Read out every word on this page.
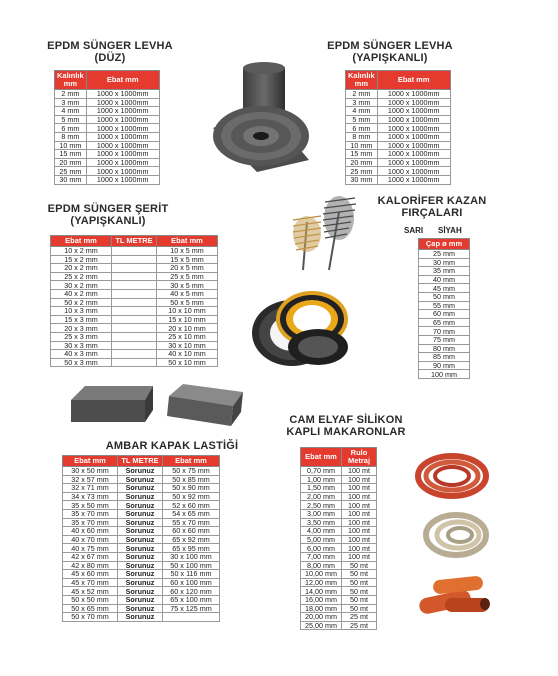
EPDM SÜNGER LEVHA
(DÜZ)
Kalınlık mm	Ebat mm
2 mm	1000 x 1000mm
3 mm	1000 x 1000mm
4 mm	1000 x 1000mm
5 mm	1000 x 1000mm
6 mm	1000 x 1000mm
8 mm	1000 x 1000mm
10 mm	1000 x 1000mm
15 mm	1000 x 1000mm
20 mm	1000 x 1000mm
25 mm	1000 x 1000mm
30 mm	1000 x 1000mm
EPDM SÜNGER LEVHA
(YAPIŞKANLI)
Kalınlık mm	Ebat mm
2 mm	1000 x 1000mm
3 mm	1000 x 1000mm
4 mm	1000 x 1000mm
5 mm	1000 x 1000mm
6 mm	1000 x 1000mm
8 mm	1000 x 1000mm
10 mm	1000 x 1000mm
15 mm	1000 x 1000mm
20 mm	1000 x 1000mm
25 mm	1000 x 1000mm
30 mm	1000 x 1000mm
EPDM SÜNGER ŞERİT
(YAPIŞKANLI)
Ebat mm	TL METRE	Ebat mm
10 x 2 mm		10 x 5 mm
15 x 2 mm		15 x 5 mm
20 x 2 mm		20 x 5 mm
25 x 2 mm		25 x 5 mm
30 x 2 mm		30 x 5 mm
40 x 2 mm		40 x 5 mm
50 x 2 mm		50 x 5 mm
10 x 3 mm		10 x 10 mm
15 x 3 mm		15 x 10 mm
20 x 3 mm		20 x 10 mm
25 x 3 mm		25 x 10 mm
30 x 3 mm		30 x 10 mm
40 x 3 mm		40 x 10 mm
50 x 3 mm		50 x 10 mm
KALORİFER KAZAN
FIRÇALARI
SARI SİYAH
Çap ø mm
25 mm
30 mm
35 mm
40 mm
45 mm
50 mm
55 mm
60 mm
65 mm
70 mm
75 mm
80 mm
85 mm
90 mm
100 mm
AMBAR KAPAK LASTİĞİ
Ebat mm	TL METRE	Ebat mm
30 x 50 mm	Sorunuz	50 x 75 mm
32 x 57 mm	Sorunuz	50 x 85 mm
32 x 71 mm	Sorunuz	50 x 90 mm
34 x 73 mm	Sorunuz	50 x 92 mm
35 x 50 mm	Sorunuz	52 x 60 mm
35 x 70 mm	Sorunuz	54 x 65 mm
35 x 70 mm	Sorunuz	55 x 70 mm
40 x 60 mm	Sorunuz	60 x 60 mm
40 x 70 mm	Sorunuz	65 x 92 mm
40 x 75 mm	Sorunuz	65 x 95 mm
42 x 67 mm	Sorunuz	30 x 100 mm
42 x 80 mm	Sorunuz	50 x 100 mm
45 x 60 mm	Sorunuz	50 x 116 mm
45 x 70 mm	Sorunuz	60 x 100 mm
45 x 52 mm	Sorunuz	60 x 120 mm
50 x 50 mm	Sorunuz	65 x 100 mm
50 x 65 mm	Sorunuz	75 x 125 mm
50 x 70 mm	Sorunuz	
CAM ELYAF SİLİKON
KAPLI MAKARONLAR
Ebat mm	Rulo Metraj
0,70 mm	100 mt
1,00 mm	100 mt
1,50 mm	100 mt
2,00 mm	100 mt
2,50 mm	100 mt
3,00 mm	100 mt
3,50 mm	100 mt
4,00 mm	100 mt
5,00 mm	100 mt
6,00 mm	100 mt
7,00 mm	100 mt
8,00 mm	50 mt
10,00 mm	50 mt
12,00 mm	50 mt
14,00 mm	50 mt
16,00 mm	50 mt
18,00 mm	50 mt
20,00 mm	25 mt
25,00 mm	25 mt
